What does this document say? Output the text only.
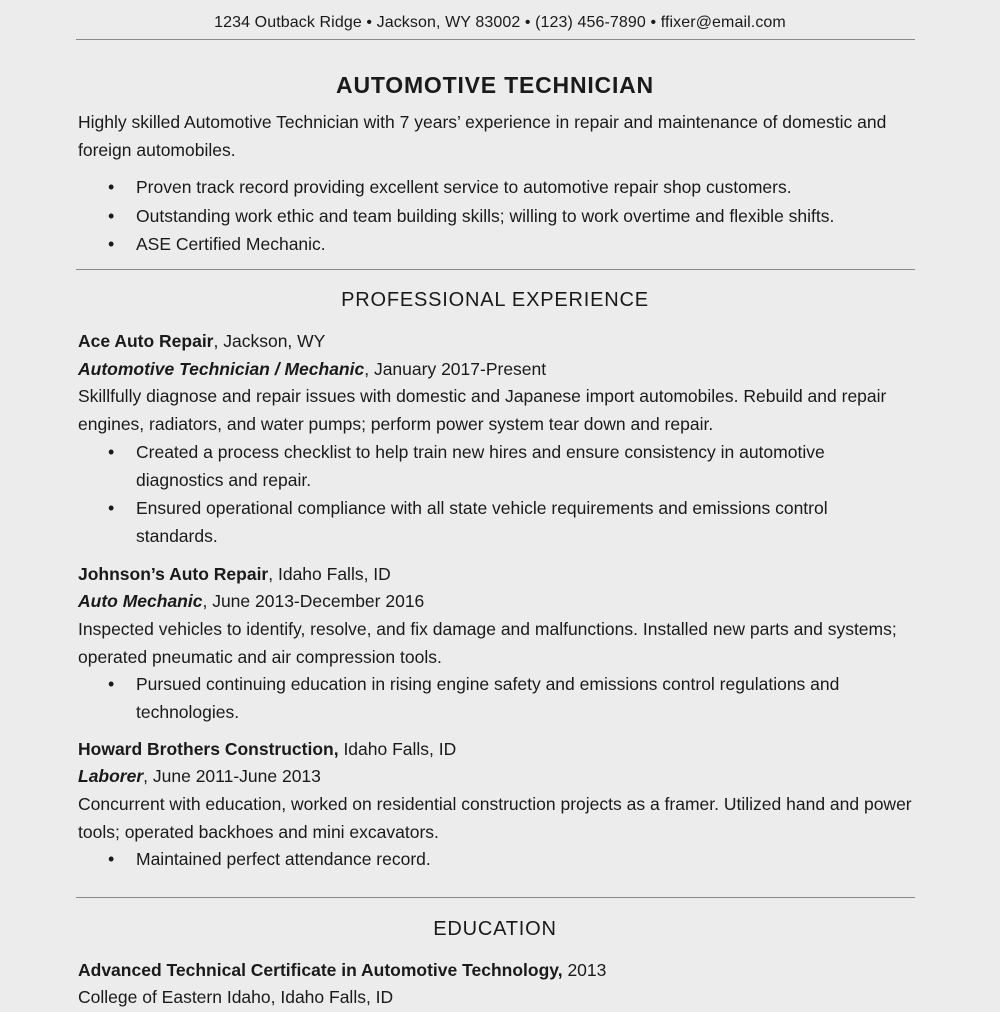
1234 Outback Ridge • Jackson, WY 83002 • (123) 456-7890 • ffixer@email.com
AUTOMOTIVE TECHNICIAN
Highly skilled Automotive Technician with 7 years’ experience in repair and maintenance of domestic and foreign automobiles.
•	Proven track record providing excellent service to automotive repair shop customers.
•	Outstanding work ethic and team building skills; willing to work overtime and flexible shifts.
•	ASE Certified Mechanic.
PROFESSIONAL EXPERIENCE
Ace Auto Repair, Jackson, WY
Automotive Technician / Mechanic, January 2017-Present
Skillfully diagnose and repair issues with domestic and Japanese import automobiles. Rebuild and repair engines, radiators, and water pumps; perform power system tear down and repair.
•	Created a process checklist to help train new hires and ensure consistency in automotive diagnostics and repair.
•	Ensured operational compliance with all state vehicle requirements and emissions control standards.
Johnson’s Auto Repair, Idaho Falls, ID
Auto Mechanic, June 2013-December 2016
Inspected vehicles to identify, resolve, and fix damage and malfunctions. Installed new parts and systems; operated pneumatic and air compression tools.
•	Pursued continuing education in rising engine safety and emissions control regulations and technologies.
Howard Brothers Construction, Idaho Falls, ID
Laborer, June 2011-June 2013
Concurrent with education, worked on residential construction projects as a framer. Utilized hand and power tools; operated backhoes and mini excavators.
•	Maintained perfect attendance record.
EDUCATION
Advanced Technical Certificate in Automotive Technology, 2013
College of Eastern Idaho, Idaho Falls, ID
